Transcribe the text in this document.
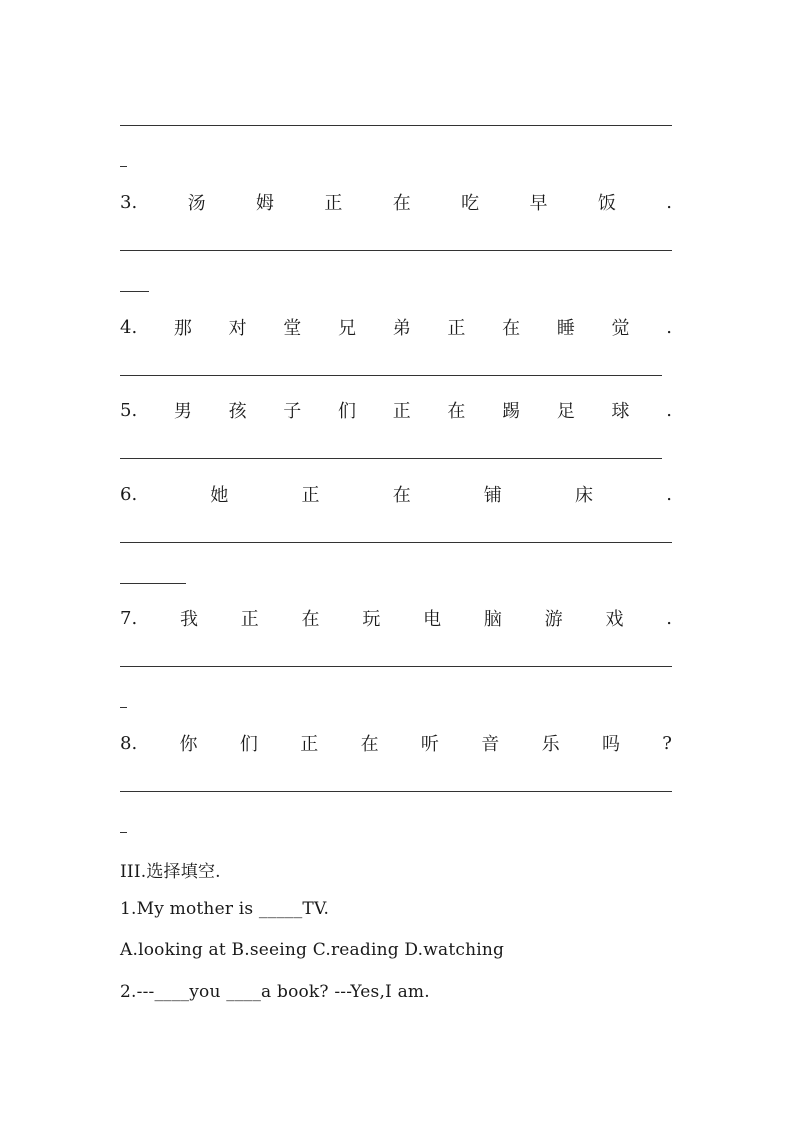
3.	汤	姆	正	在	吃	早	饭	.
4. 那 对 堂 兄 弟 正 在 睡 觉 .
5. 男 孩 子 们 正 在 踢 足 球 .
6.	她	正	在	铺	床	.
7. 我 正 在 玩 电 脑 游 戏 .
8. 你 们 正 在 听 音 乐 吗 ?
III.选择填空.
1.My mother is _____TV.
A.looking at B.seeing C.reading D.watching
2.---____you ____a book? ---Yes,I am.
